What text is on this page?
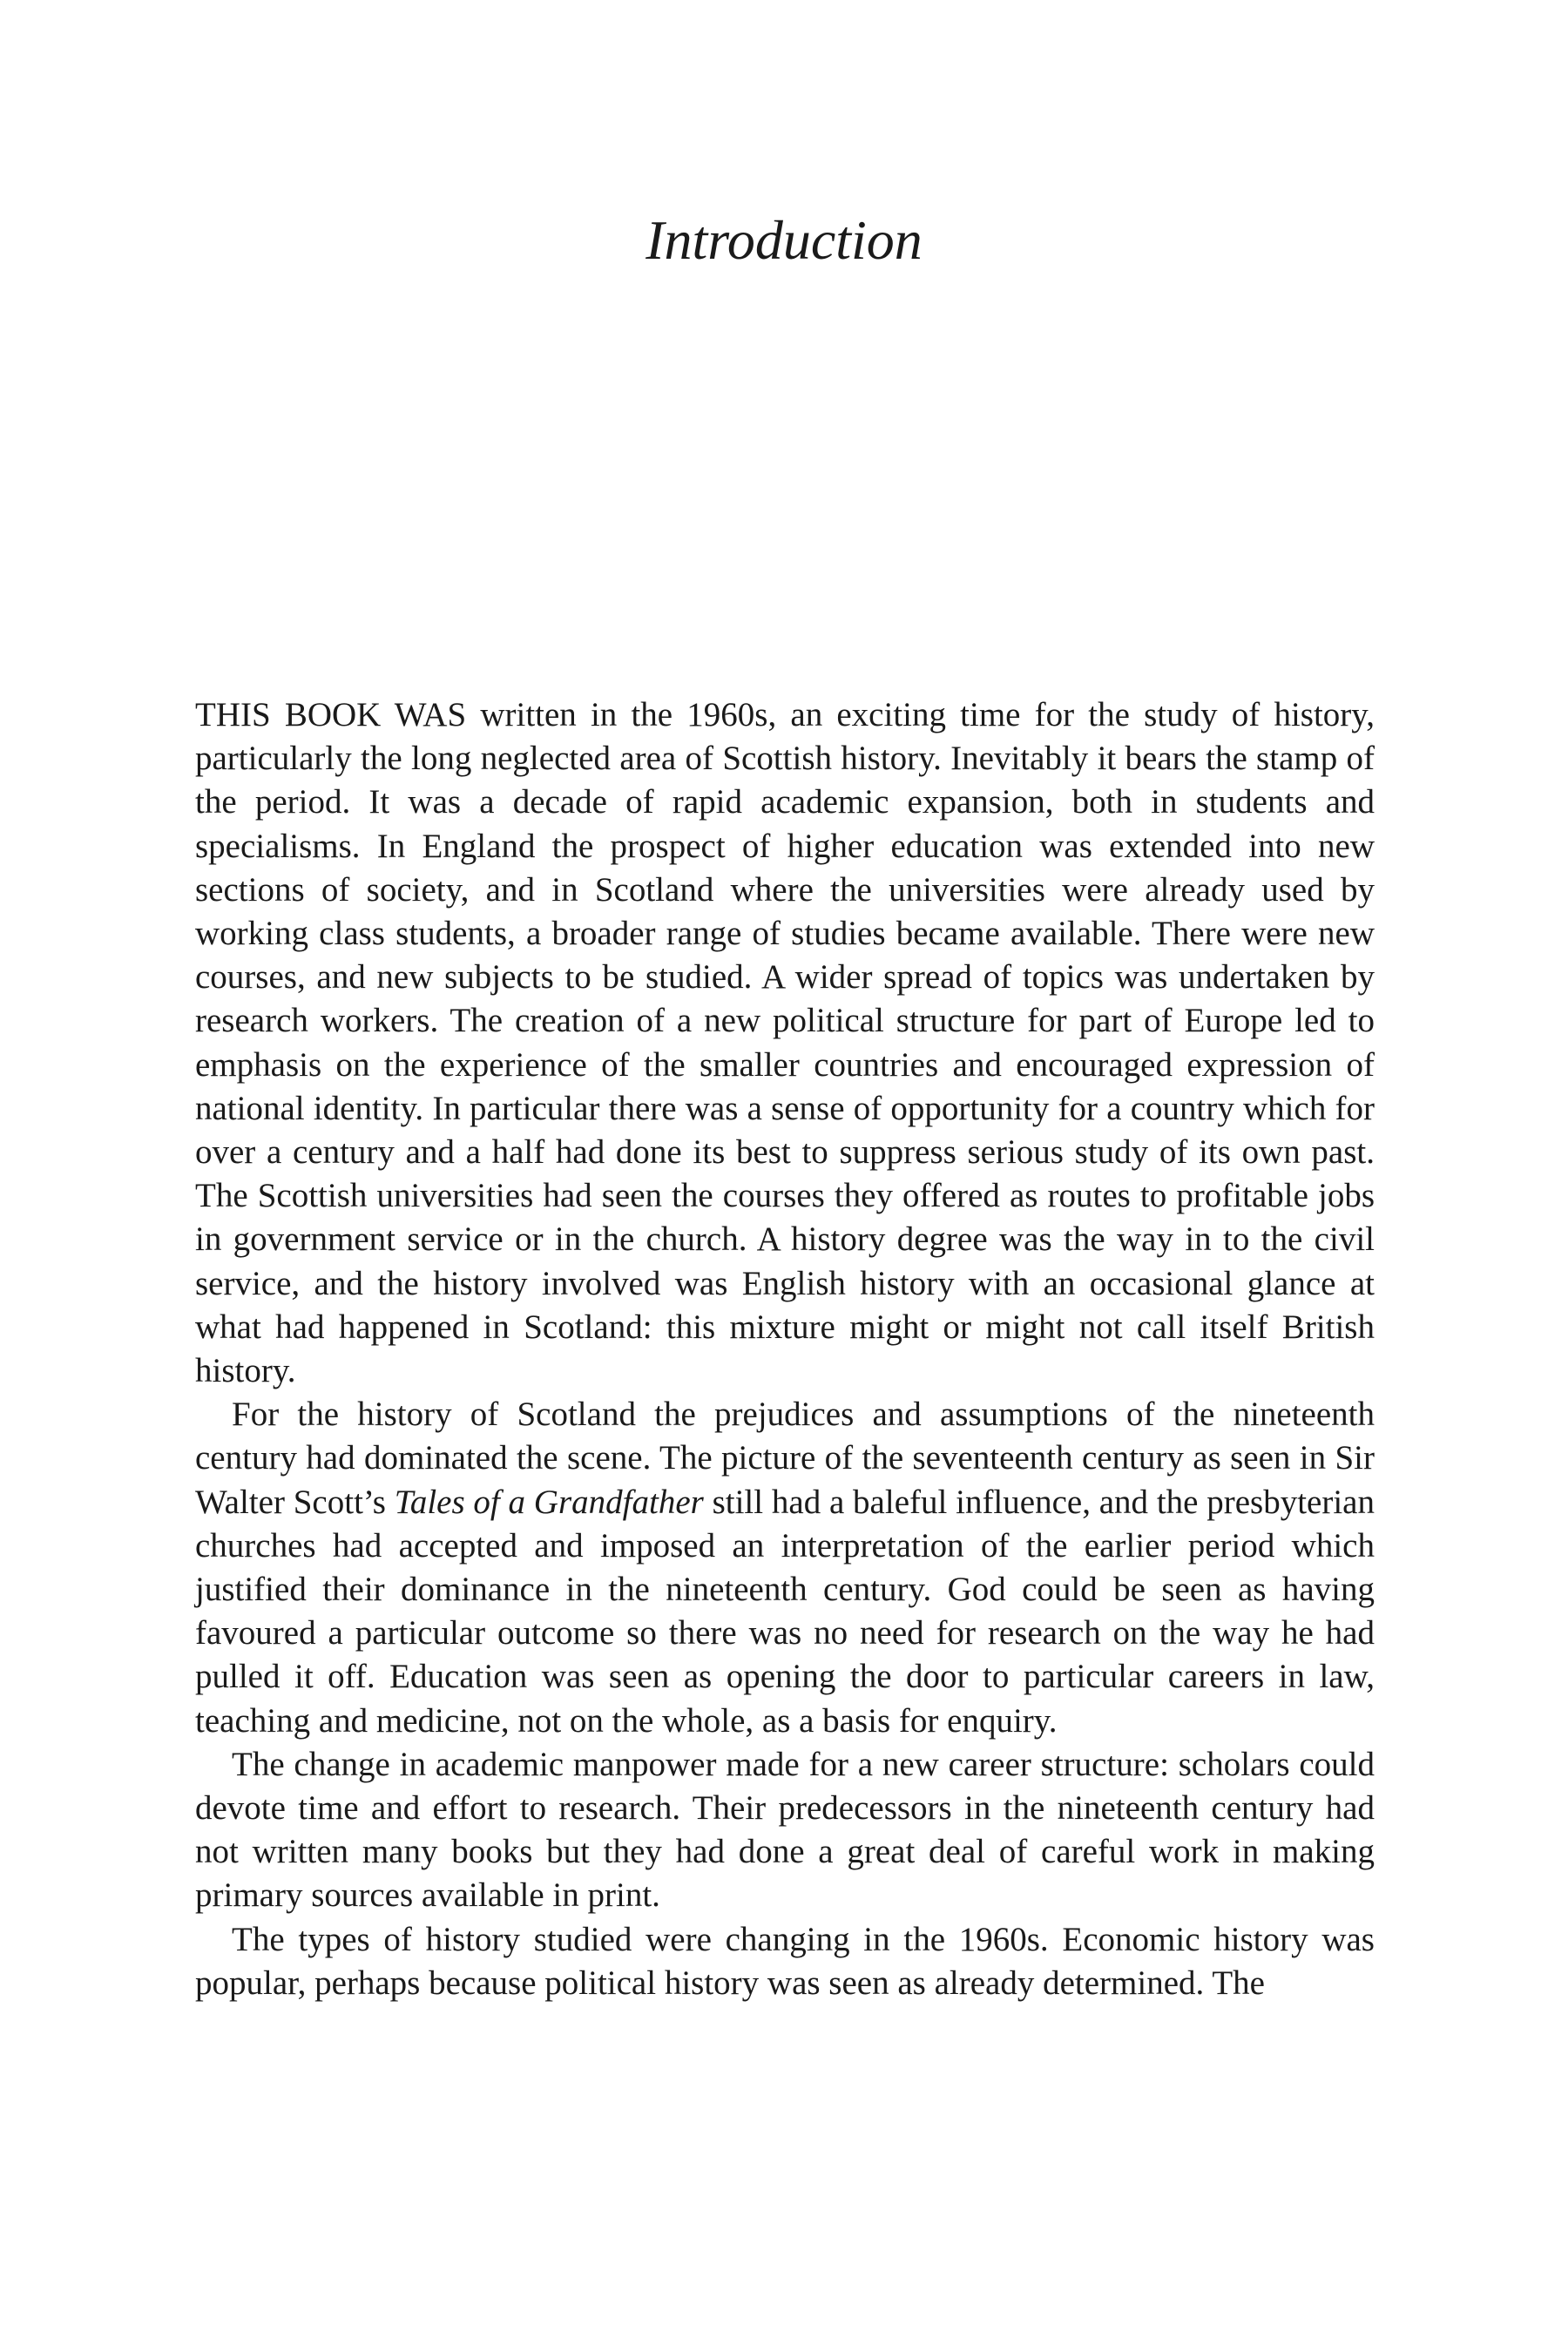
Introduction

THIS BOOK WAS written in the 1960s, an exciting time for the study of history, particularly the long neglected area of Scottish history. Inevitably it bears the stamp of the period. It was a decade of rapid academic expansion, both in students and specialisms. In England the prospect of higher education was extended into new sections of society, and in Scotland where the universities were already used by working class students, a broader range of studies became available. There were new courses, and new subjects to be studied. A wider spread of topics was undertaken by research workers. The creation of a new political structure for part of Europe led to emphasis on the experience of the smaller countries and encouraged expression of national identity. In particular there was a sense of opportunity for a country which for over a century and a half had done its best to suppress serious study of its own past. The Scottish universities had seen the courses they offered as routes to profitable jobs in government service or in the church. A history degree was the way in to the civil service, and the history involved was English history with an occasional glance at what had happened in Scotland: this mixture might or might not call itself British history.

For the history of Scotland the prejudices and assumptions of the nineteenth century had dominated the scene. The picture of the seventeenth century as seen in Sir Walter Scott’s Tales of a Grandfather still had a baleful influence, and the presbyterian churches had accepted and imposed an interpretation of the earlier period which justified their dominance in the nineteenth century. God could be seen as having favoured a particular outcome so there was no need for research on the way he had pulled it off. Education was seen as opening the door to particular careers in law, teaching and medicine, not on the whole, as a basis for enquiry.

The change in academic manpower made for a new career structure: scholars could devote time and effort to research. Their predecessors in the nineteenth century had not written many books but they had done a great deal of careful work in making primary sources available in print.

The types of history studied were changing in the 1960s. Economic history was popular, perhaps because political history was seen as already determined. The
